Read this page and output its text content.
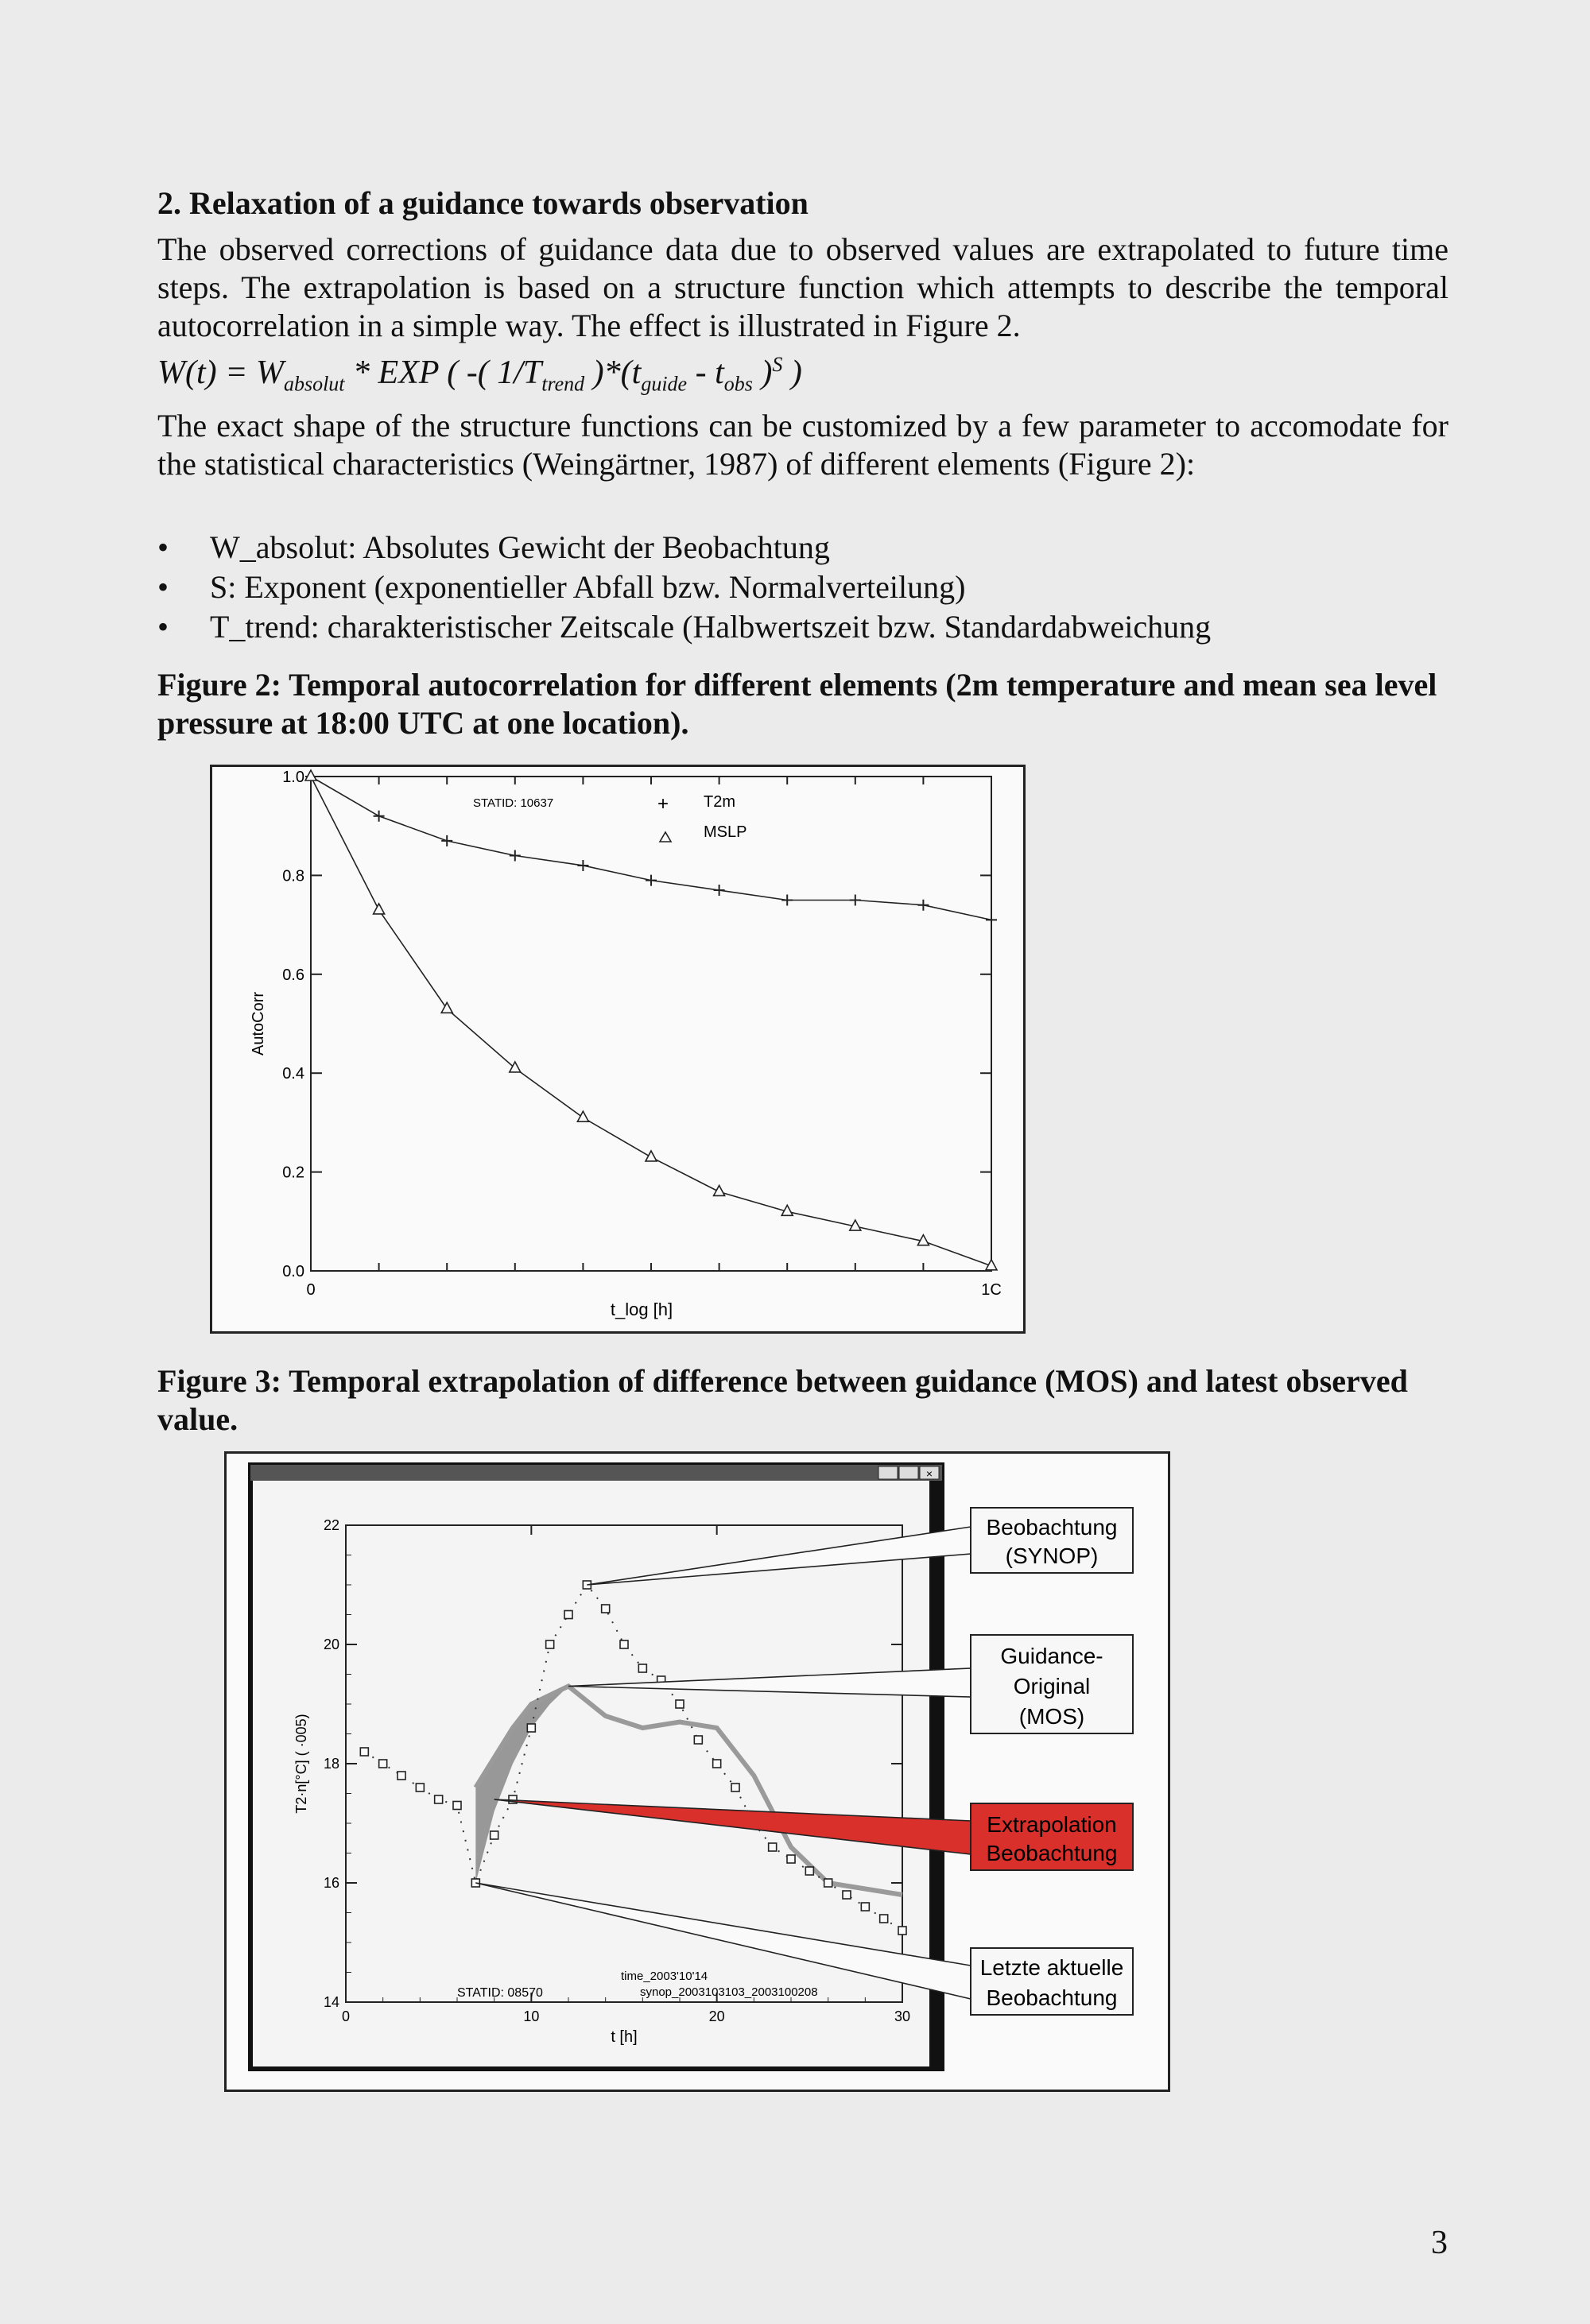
2. Relaxation of a guidance towards observation

The observed corrections of guidance data due to observed values are extrapolated to future time steps. The extrapolation is based on a structure function which attempts to describe the temporal autocorrelation in a simple way. The effect is illustrated in Figure 2.

$W(t) = W_{absolut}$ * EXP ( -( $1/T_{trend}$ )$*(t_{guide} - t_{obs}$ )$^S$ )

The exact shape of the structure functions can be customized by a few parameter to accomodate for the statistical characteristics (Weingärtner, 1987) of different elements (Figure 2):

• W_absolut: Absolutes Gewicht der Beobachtung
• S: Exponent (exponentieller Abfall bzw. Normalverteilung)
• T_trend: charakteristischer Zeitscale (Halbwertszeit bzw. Standardabweichung

Figure 2: Temporal autocorrelation for different elements (2m temperature and mean sea level pressure at 18:00 UTC at one location).

0.0
0.2
0.4
0.6
0.8
1.0
STATID: 10637	+ T2m
MSLP
t_log [h]
AutoCorr
0	1C

Figure 3: Temporal extrapolation of difference between guidance (MOS) and latest observed value.

×
14
16
18
20
22
0	10	20	30
T2·n[°C] ( ·005)
t [h]
STATID: 08570
time_2003'10'14
synop_2003103103_2003100208
Beobachtung
(SYNOP)
Guidance-
Original
(MOS)
Extrapolation
Beobachtung
Letzte aktuelle
Beobachtung
3
